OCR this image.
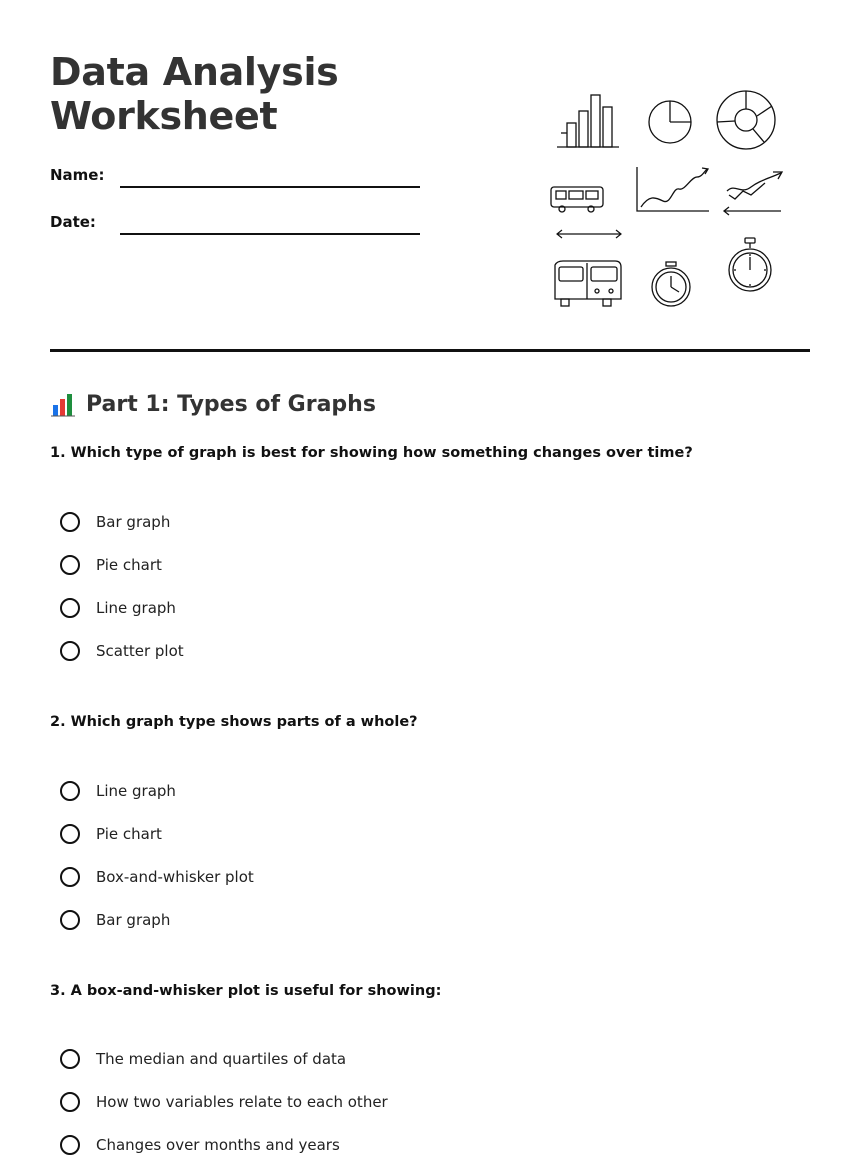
Data Analysis
Worksheet
Name:
Date:
Part 1: Types of Graphs

1. Which type of graph is best for showing how something changes over time?

Bar graph
Pie chart
Line graph
Scatter plot

2. Which graph type shows parts of a whole?

Line graph
Pie chart
Box-and-whisker plot
Bar graph

3. A box-and-whisker plot is useful for showing:

The median and quartiles of data
How two variables relate to each other
Changes over months and years
